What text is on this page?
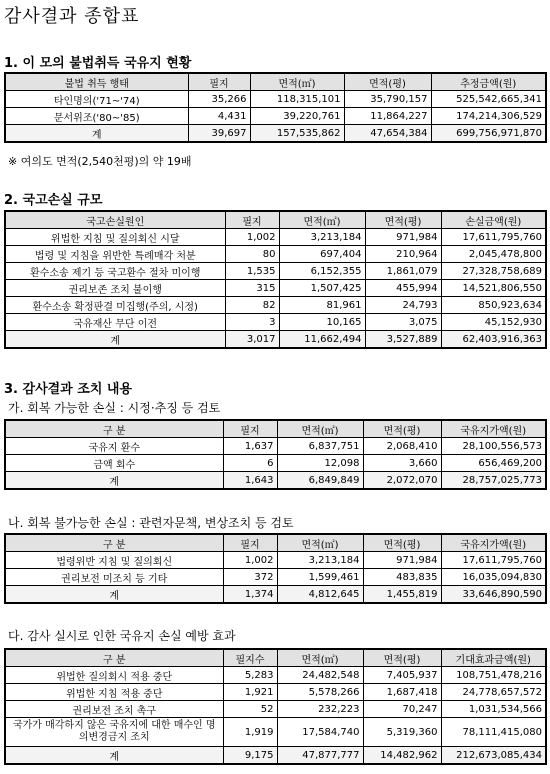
감사결과 종합표
1. 이 모의 불법취득 국유지 현황
불법 취득 행태	필지	면적(㎡)	면적(평)	추정금액(원)
타인명의('71~'74)	35,266	118,315,101	35,790,157	525,542,665,341
문서위조('80~'85)	4,431	39,220,761	11,864,227	174,214,306,529
계	39,697	157,535,862	47,654,384	699,756,971,870
※ 여의도 면적(2,540천평)의 약 19배
2. 국고손실 규모
국고손실원인	필지	면적(㎡)	면적(평)	손실금액(원)
위법한 지침 및 질의회신 시달	1,002	3,213,184	971,984	17,611,795,760
법령 및 지침을 위반한 특례매각 처분	80	697,404	210,964	2,045,478,800
환수소송 제기 등 국고환수 절차 미이행	1,535	6,152,355	1,861,079	27,328,758,689
권리보존 조치 불이행	315	1,507,425	455,994	14,521,806,550
환수소송 확정판결 미집행(주의, 시정)	82	81,961	24,793	850,923,634
국유재산 무단 이전	3	10,165	3,075	45,152,930
계	3,017	11,662,494	3,527,889	62,403,916,363
3. 감사결과 조치 내용
가. 회복 가능한 손실 : 시정·추징 등 검토
구 분	필지	면적(㎡)	면적(평)	국유지가액(원)
국유지 환수	1,637	6,837,751	2,068,410	28,100,556,573
금액 회수	6	12,098	3,660	656,469,200
계	1,643	6,849,849	2,072,070	28,757,025,773
나. 회복 불가능한 손실 : 관련자문책, 변상조치 등 검토
구 분	필지	면적(㎡)	면적(평)	국유지가액(원)
법령위반 지침 및 질의회신	1,002	3,213,184	971,984	17,611,795,760
권리보전 미조치 등 기타	372	1,599,461	483,835	16,035,094,830
계	1,374	4,812,645	1,455,819	33,646,890,590
다. 감사 실시로 인한 국유지 손실 예방 효과
구 분	필지수	면적(㎡)	면적(평)	기대효과금액(원)
위법한 질의회시 적용 중단	5,283	24,482,548	7,405,937	108,751,478,216
위법한 지침 적용 중단	1,921	5,578,266	1,687,418	24,778,657,572
권리보전 조치 촉구	52	232,223	70,247	1,031,534,566
국가가 매각하지 않은 국유지에 대한 매수인 명의변경금지 조치	1,919	17,584,740	5,319,360	78,111,415,080
계	9,175	47,877,777	14,482,962	212,673,085,434
